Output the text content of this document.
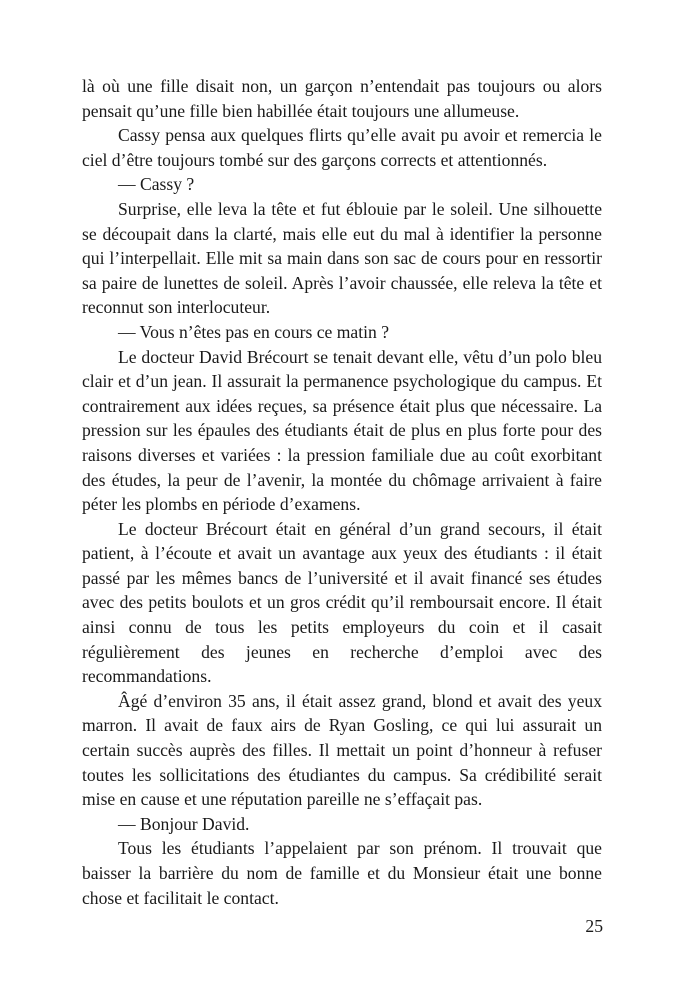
là où une fille disait non, un garçon n’entendait pas toujours ou alors pensait qu’une fille bien habillée était toujours une allumeuse.

Cassy pensa aux quelques flirts qu’elle avait pu avoir et remercia le ciel d’être toujours tombé sur des garçons corrects et attentionnés.

— Cassy ?

Surprise, elle leva la tête et fut éblouie par le soleil. Une silhouette se découpait dans la clarté, mais elle eut du mal à identifier la personne qui l’interpellait. Elle mit sa main dans son sac de cours pour en ressortir sa paire de lunettes de soleil. Après l’avoir chaussée, elle releva la tête et reconnut son interlocuteur.

— Vous n’êtes pas en cours ce matin ?

Le docteur David Brécourt se tenait devant elle, vêtu d’un polo bleu clair et d’un jean. Il assurait la permanence psychologique du campus. Et contrairement aux idées reçues, sa présence était plus que nécessaire. La pression sur les épaules des étudiants était de plus en plus forte pour des raisons diverses et variées : la pression familiale due au coût exorbitant des études, la peur de l’avenir, la montée du chômage arrivaient à faire péter les plombs en période d’examens.

Le docteur Brécourt était en général d’un grand secours, il était patient, à l’écoute et avait un avantage aux yeux des étudiants : il était passé par les mêmes bancs de l’université et il avait financé ses études avec des petits boulots et un gros crédit qu’il remboursait encore. Il était ainsi connu de tous les petits employeurs du coin et il casait régulièrement des jeunes en recherche d’emploi avec des recommandations.

Âgé d’environ 35 ans, il était assez grand, blond et avait des yeux marron. Il avait de faux airs de Ryan Gosling, ce qui lui assurait un certain succès auprès des filles. Il mettait un point d’honneur à refuser toutes les sollicitations des étudiantes du campus. Sa crédibilité serait mise en cause et une réputation pareille ne s’effaçait pas.

— Bonjour David.

Tous les étudiants l’appelaient par son prénom. Il trouvait que baisser la barrière du nom de famille et du Monsieur était une bonne chose et facilitait le contact.

25
